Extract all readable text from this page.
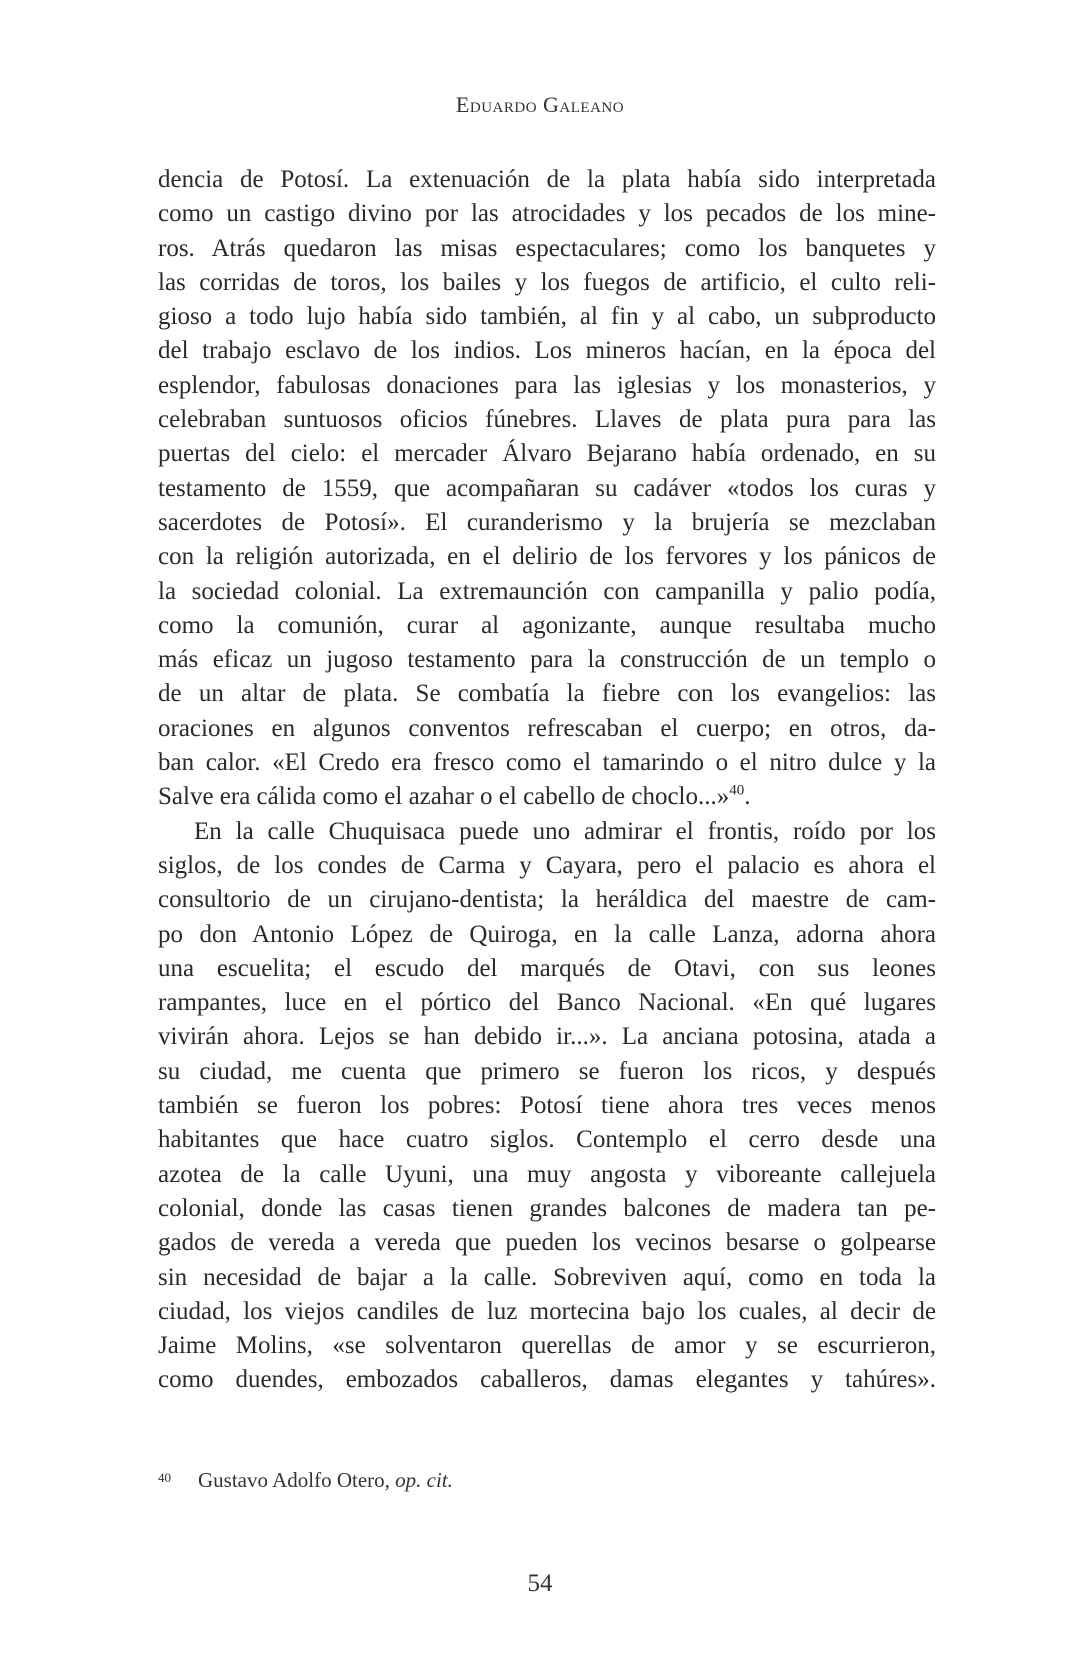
Eduardo Galeano
dencia de Potosí. La extenuación de la plata había sido interpretada
como un castigo divino por las atrocidades y los pecados de los mine-
ros. Atrás quedaron las misas espectaculares; como los banquetes y
las corridas de toros, los bailes y los fuegos de artificio, el culto reli-
gioso a todo lujo había sido también, al fin y al cabo, un subproducto
del trabajo esclavo de los indios. Los mineros hacían, en la época del
esplendor, fabulosas donaciones para las iglesias y los monasterios, y
celebraban suntuosos oficios fúnebres. Llaves de plata pura para las
puertas del cielo: el mercader Álvaro Bejarano había ordenado, en su
testamento de 1559, que acompañaran su cadáver «todos los curas y
sacerdotes de Potosí». El curanderismo y la brujería se mezclaban
con la religión autorizada, en el delirio de los fervores y los pánicos de
la sociedad colonial. La extremaunción con campanilla y palio podía,
como la comunión, curar al agonizante, aunque resultaba mucho
más eficaz un jugoso testamento para la construcción de un templo o
de un altar de plata. Se combatía la fiebre con los evangelios: las
oraciones en algunos conventos refrescaban el cuerpo; en otros, da-
ban calor. «El Credo era fresco como el tamarindo o el nitro dulce y la
Salve era cálida como el azahar o el cabello de choclo...»$^{40}$.
En la calle Chuquisaca puede uno admirar el frontis, roído por los
siglos, de los condes de Carma y Cayara, pero el palacio es ahora el
consultorio de un cirujano-dentista; la heráldica del maestre de cam-
po don Antonio López de Quiroga, en la calle Lanza, adorna ahora
una escuelita; el escudo del marqués de Otavi, con sus leones
rampantes, luce en el pórtico del Banco Nacional. «En qué lugares
vivirán ahora. Lejos se han debido ir...». La anciana potosina, atada a
su ciudad, me cuenta que primero se fueron los ricos, y después
también se fueron los pobres: Potosí tiene ahora tres veces menos
habitantes que hace cuatro siglos. Contemplo el cerro desde una
azotea de la calle Uyuni, una muy angosta y viboreante callejuela
colonial, donde las casas tienen grandes balcones de madera tan pe-
gados de vereda a vereda que pueden los vecinos besarse o golpearse
sin necesidad de bajar a la calle. Sobreviven aquí, como en toda la
ciudad, los viejos candiles de luz mortecina bajo los cuales, al decir de
Jaime Molins, «se solventaron querellas de amor y se escurrieron,
como duendes, embozados caballeros, damas elegantes y tahúres».
40 Gustavo Adolfo Otero, op. cit.
54
